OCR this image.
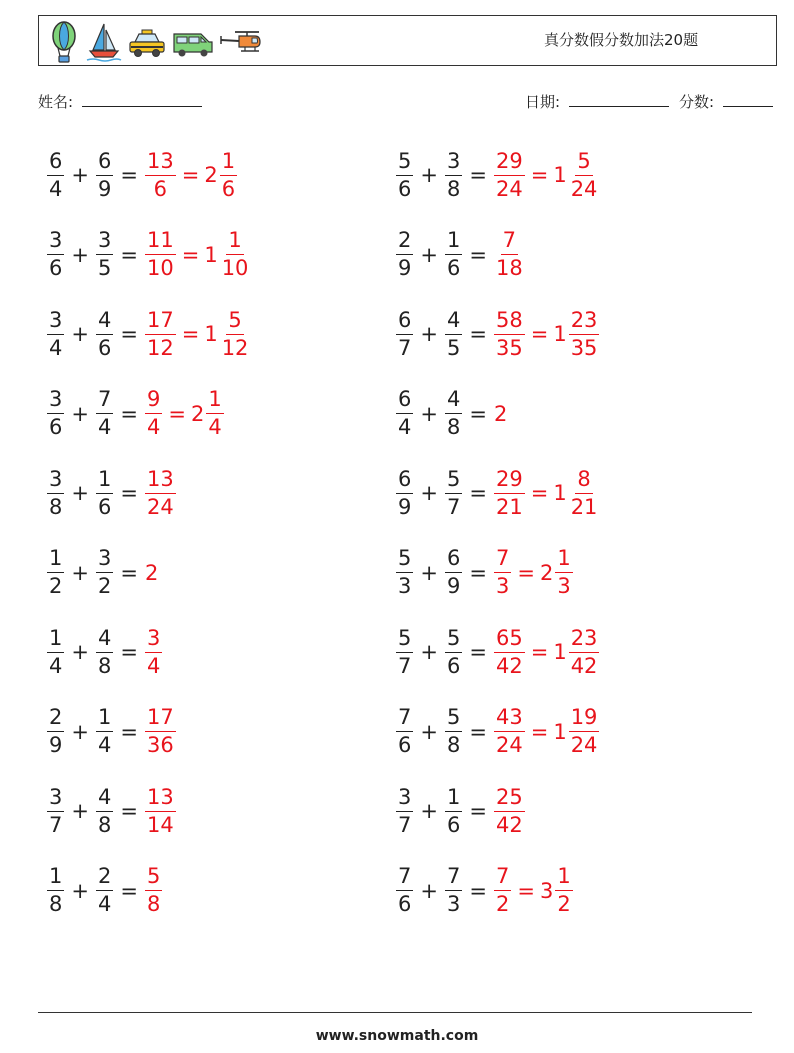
真分数假分数加法20题
姓名:	日期:	分数:
$\frac{6}{4} + \frac{6}{9} = \frac{13}{6} = 2 \frac{1}{6}$	$\frac{5}{6} + \frac{3}{8} = \frac{29}{24} = 1 \frac{5}{24}$
$\frac{3}{6} + \frac{3}{5} = \frac{11}{10} = 1 \frac{1}{10}$	$\frac{2}{9} + \frac{1}{6} = \frac{7}{18}$
$\frac{3}{4} + \frac{4}{6} = \frac{17}{12} = 1 \frac{5}{12}$	$\frac{6}{7} + \frac{4}{5} = \frac{58}{35} = 1 \frac{23}{35}$
$\frac{3}{6} + \frac{7}{4} = \frac{9}{4} = 2 \frac{1}{4}$	$\frac{6}{4} + \frac{4}{8} = 2$
$\frac{3}{8} + \frac{1}{6} = \frac{13}{24}$	$\frac{6}{9} + \frac{5}{7} = \frac{29}{21} = 1 \frac{8}{21}$
$\frac{1}{2} + \frac{3}{2} = 2$	$\frac{5}{3} + \frac{6}{9} = \frac{7}{3} = 2 \frac{1}{3}$
$\frac{1}{4} + \frac{4}{8} = \frac{3}{4}$	$\frac{5}{7} + \frac{5}{6} = \frac{65}{42} = 1 \frac{23}{42}$
$\frac{2}{9} + \frac{1}{4} = \frac{17}{36}$	$\frac{7}{6} + \frac{5}{8} = \frac{43}{24} = 1 \frac{19}{24}$
$\frac{3}{7} + \frac{4}{8} = \frac{13}{14}$	$\frac{3}{7} + \frac{1}{6} = \frac{25}{42}$
$\frac{1}{8} + \frac{2}{4} = \frac{5}{8}$	$\frac{7}{6} + \frac{7}{3} = \frac{7}{2} = 3 \frac{1}{2}$
www.snowmath.com
